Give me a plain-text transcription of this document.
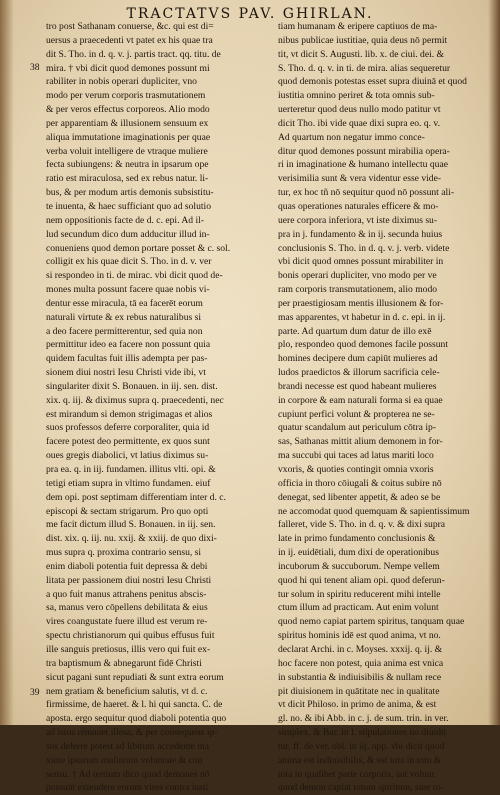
TRACTATVS PAV. GHIRLAN.
38
39
tro post Sathanam conuerse, &c. qui est di=
uersus a praecedenti vt patet ex his quae tra
dit S. Tho. in d. q. v. j. partis tract. qq. titu. de
mira. † vbi dicit quod demones possunt mi
rabiliter in nobis operari dupliciter, vno
modo per verum corporis trasmutationem
& per veros effectus corporeos. Alio modo
per apparentiam & illusionem sensuum ex
aliqua immutatione imaginationis per quae
verba voluit intelligere de vtraque muliere
fecta subiungens: & neutra in ipsarum ope
ratio est miraculosa, sed ex rebus natur. li-
bus, & per modum artis demonis subsistitu-
te inuenta, & haec sufficiant quo ad solutio
nem oppositionis facte de d. c. epi. Ad il-
lud secundum dico dum adducitur illud in-
conueniens quod demon portare posset & c. sol.
colligit ex his quae dicit S. Tho. in d. v. ver
si respondeo in ti. de mirac. vbi dicit quod de-
mones multa possunt facere quae nobis vi-
dentur esse miracula, tā ea facerēt eorum
naturali virtute & ex rebus naturalibus si
a deo facere permitterentur, sed quia non
permittitur ideo ea facere non possunt quia
quidem facultas fuit illis adempta per pas-
sionem diui nostri Iesu Christi vide ibi, vt
singulariter dixit S. Bonauen. in iij. sen. dist.
xix. q. iij. & diximus supra q. praecedenti, nec
est mirandum si demon strigimagas et alios
suos professos deferre corporaliter, quia id
facere potest deo permittente, ex quos sunt
oues gregis diabolici, vt latius diximus su-
pra ea. q. in iij. fundamen. illitus vlti. opi. &
tetigi etiam supra in vltimo fundamen. eiuf
dem opi. post septimam differentiam inter d. c.
episcopi & sectam strigarum. Pro quo opti
me facit dictum illud S. Bonauen. in iij. sen.
dist. xix. q. iij. nu. xxij. & xxiij. de quo dixi-
mus supra q. proxima contrario sensu, si
enim diaboli potentia fuit depressa & debi
litata per passionem diui nostri Iesu Christi
a quo fuit manus attrahens penitus abscis-
sa, manus vero cōpellens debilitata & eius
vires coangustate fuere illud est verum re-
spectu christianorum qui quibus effusus fuit
ille sanguis pretiosus, illis vero qui fuit ex-
tra baptismum & abnegarunt fidē Christi
sicut pagani sunt repudiati & sunt extra eorum
nem gratiam & beneficium salutis, vt d. c.
firmissime, de haeret. & l. hi qui sancta. C. de
aposta. ergo sequitur quod diaboli potentia quo
ad istos remanet illesa, & per consequens ip-
sos deferre potest ad libitum accedente ma
xime ipsarum mulierum voluntate & con
sensu. † Ad tertium dico quod demones nō
possunt extendere eorum vires contra iusti
tiam humanam & eripere captiuos de ma-
nibus publicae iustitiae, quia deus nō permit
tit, vt dicit S. Augusti. lib. x. de ciui. dei. &
S. Tho. d. q. v. in ti. de mira. alias sequeretur
quod demonis potestas esset supra diuinā et quod
iustitia omnino periret & tota omnis sub-
uerteretur quod deus nullo modo patitur vt
dicit Tho. ibi vide quae dixi supra eo. q. v.
Ad quartum non negatur immo conce-
ditur quod demones possunt mirabilia opera-
ri in imaginatione & humano intellectu quae
verisimilia sunt & vera videntur esse vide-
tur, ex hoc tñ nō sequitur quod nō possunt ali-
quas operationes naturales efficere & mo-
uere corpora inferiora, vt iste diximus su-
pra in j. fundamento & in ij. secunda huius
conclusionis S. Tho. in d. q. v. j. verb. videte
vbi dicit quod omnes possunt mirabiliter in
bonis operari dupliciter, vno modo per ve
ram corporis transmutationem, alio modo
per praestigiosam mentis illusionem & for-
mas apparentes, vt habetur in d. c. epi. in ij.
parte. Ad quartum dum datur de illo exē
plo, respondeo quod demones facile possunt
homines decipere dum capiūt mulieres ad
ludos praedictos & illorum sacrificia cele-
brandi necesse est quod habeant mulieres
in corpore & eam naturali forma si ea quae
cupiunt perfici volunt & propterea ne se-
quatur scandalum aut periculum cōtra ip-
sas, Sathanas mittit alium demonem in for-
ma succubi qui taces ad latus mariti loco
vxoris, & quoties contingit omnia vxoris
officia in thoro cōiugali & coitus subire nō
denegat, sed libenter appetit, & adeo se be
ne accomodat quod quemquam & sapientissimum
falleret, vide S. Tho. in d. q. v. & dixi supra
late in primo fundamento conclusionis &
in ij. euidētiali, dum dixi de operationibus
incuborum & succuborum. Nempe vellem
quod hi qui tenent aliam opi. quod deferun-
tur solum in spiritu reducerent mihi intelle
ctum illum ad practicam. Aut enim volunt
quod nemo capiat partem spiritus, tanquam quae
spiritus hominis idē est quod anima, vt no.
declarat Archi. in c. Moyses. xxxij. q. ij. &
hoc facere non potest, quia anima est vnica
in substantia & indiuisibilis & nullam rece
pit diuisionem in quātitate nec in qualitate
vt dicit Philoso. in primo de anima, & est
gl. no. & ibi Abb. in c. j. de sum. trin. in ver.
simplex. & Bar. in l. stipulationes no diuidū
tur, ff. de ver. obl. in iij. opp. vbi dicit quod
anima est indiuisibilis, & est tota in toto &
tota in qualibet parte corporis, aut volunt
quod demon capiat totum spiritum, sine ro-
